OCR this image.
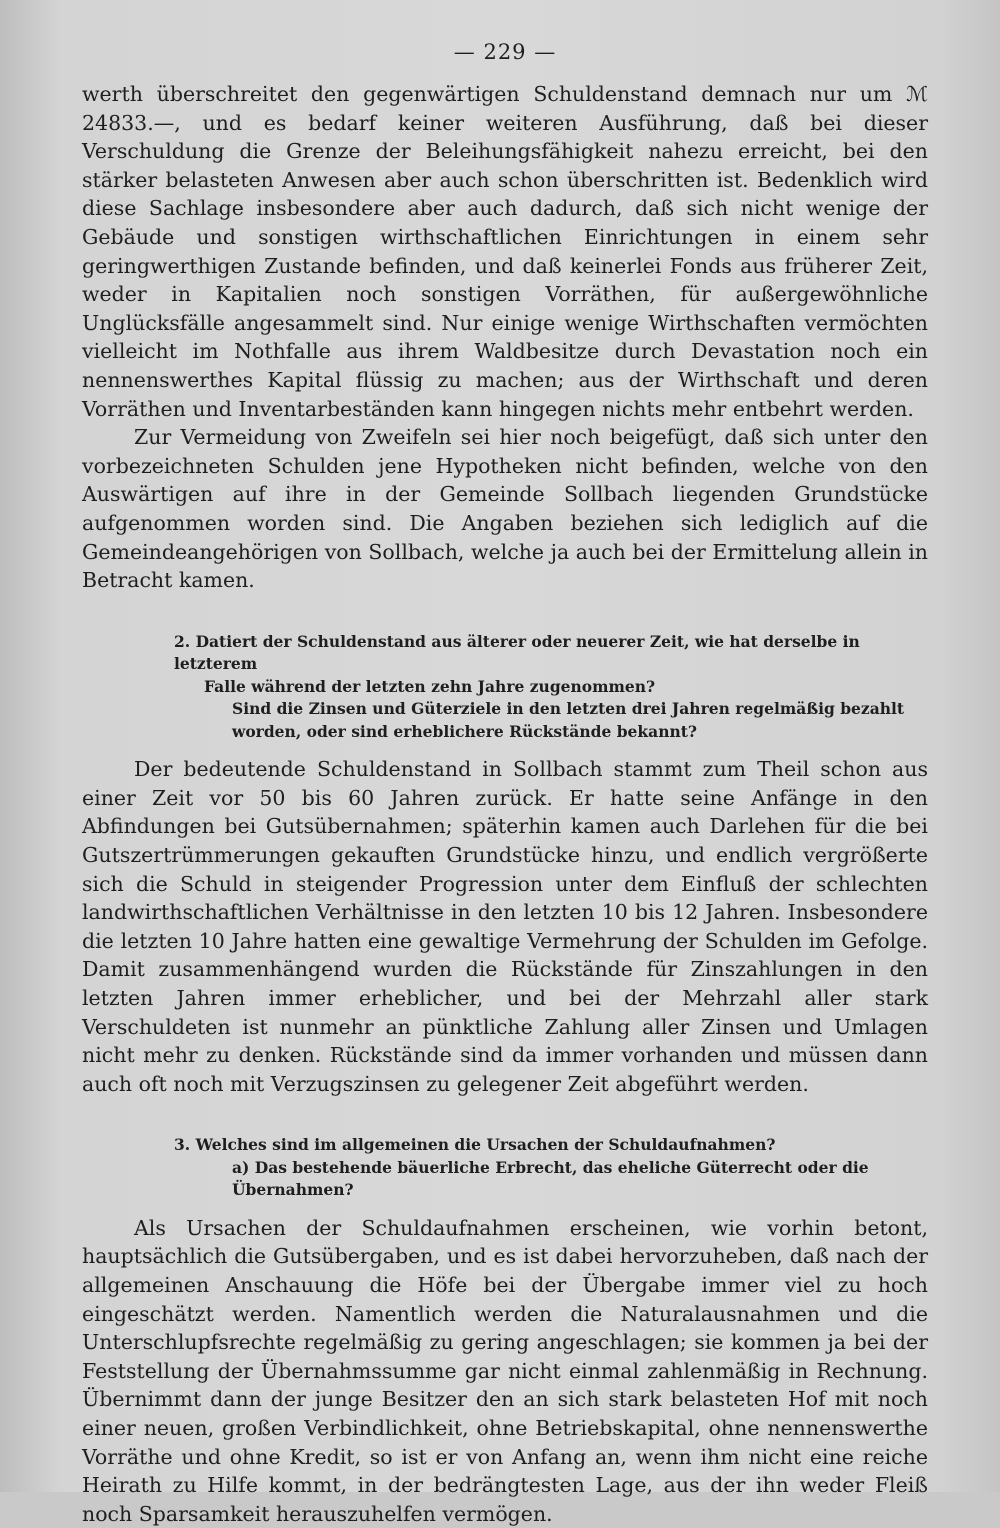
— 229 —

werth überschreitet den gegenwärtigen Schuldenstand demnach nur um ℳ 24833.—, und es bedarf keiner weiteren Ausführung, daß bei dieser Verschuldung die Grenze der Beleihungsfähigkeit nahezu erreicht, bei den stärker belasteten Anwesen aber auch schon überschritten ist. Bedenklich wird diese Sachlage insbesondere aber auch dadurch, daß sich nicht wenige der Gebäude und sonstigen wirthschaftlichen Einrichtungen in einem sehr geringwerthigen Zustande befinden, und daß keinerlei Fonds aus früherer Zeit, weder in Kapitalien noch sonstigen Vorräthen, für außergewöhnliche Unglücksfälle angesammelt sind. Nur einige wenige Wirthschaften vermöchten vielleicht im Nothfalle aus ihrem Waldbesitze durch Devastation noch ein nennenswerthes Kapital flüssig zu machen; aus der Wirthschaft und deren Vorräthen und Inventarbeständen kann hingegen nichts mehr entbehrt werden.

Zur Vermeidung von Zweifeln sei hier noch beigefügt, daß sich unter den vorbezeichneten Schulden jene Hypotheken nicht befinden, welche von den Auswärtigen auf ihre in der Gemeinde Sollbach liegenden Grundstücke aufgenommen worden sind. Die Angaben beziehen sich lediglich auf die Gemeindeangehörigen von Sollbach, welche ja auch bei der Ermittelung allein in Betracht kamen.

2. Datiert der Schuldenstand aus älterer oder neuerer Zeit, wie hat derselbe in letzterem

Falle während der letzten zehn Jahre zugenommen?

Sind die Zinsen und Güterziele in den letzten drei Jahren regelmäßig bezahlt worden, oder sind erheblichere Rückstände bekannt?

Der bedeutende Schuldenstand in Sollbach stammt zum Theil schon aus einer Zeit vor 50 bis 60 Jahren zurück. Er hatte seine Anfänge in den Abfindungen bei Gutsübernahmen; späterhin kamen auch Darlehen für die bei Gutszertrümmerungen gekauften Grundstücke hinzu, und endlich vergrößerte sich die Schuld in steigender Progression unter dem Einfluß der schlechten landwirthschaftlichen Verhältnisse in den letzten 10 bis 12 Jahren. Insbesondere die letzten 10 Jahre hatten eine gewaltige Vermehrung der Schulden im Gefolge. Damit zusammenhängend wurden die Rückstände für Zinszahlungen in den letzten Jahren immer erheblicher, und bei der Mehrzahl aller stark Verschuldeten ist nunmehr an pünktliche Zahlung aller Zinsen und Umlagen nicht mehr zu denken. Rückstände sind da immer vorhanden und müssen dann auch oft noch mit Verzugszinsen zu gelegener Zeit abgeführt werden.

3. Welches sind im allgemeinen die Ursachen der Schuldaufnahmen?

a) Das bestehende bäuerliche Erbrecht, das eheliche Güterrecht oder die Übernahmen?

Als Ursachen der Schuldaufnahmen erscheinen, wie vorhin betont, hauptsächlich die Gutsübergaben, und es ist dabei hervorzuheben, daß nach der allgemeinen Anschauung die Höfe bei der Übergabe immer viel zu hoch eingeschätzt werden. Namentlich werden die Naturalausnahmen und die Unterschlupfsrechte regelmäßig zu gering angeschlagen; sie kommen ja bei der Feststellung der Übernahmssumme gar nicht einmal zahlenmäßig in Rechnung. Übernimmt dann der junge Besitzer den an sich stark belasteten Hof mit noch einer neuen, großen Verbindlichkeit, ohne Betriebskapital, ohne nennenswerthe Vorräthe und ohne Kredit, so ist er von Anfang an, wenn ihm nicht eine reiche Heirath zu Hilfe kommt, in der bedrängtesten Lage, aus der ihn weder Fleiß noch Sparsamkeit herauszuhelfen vermögen.
